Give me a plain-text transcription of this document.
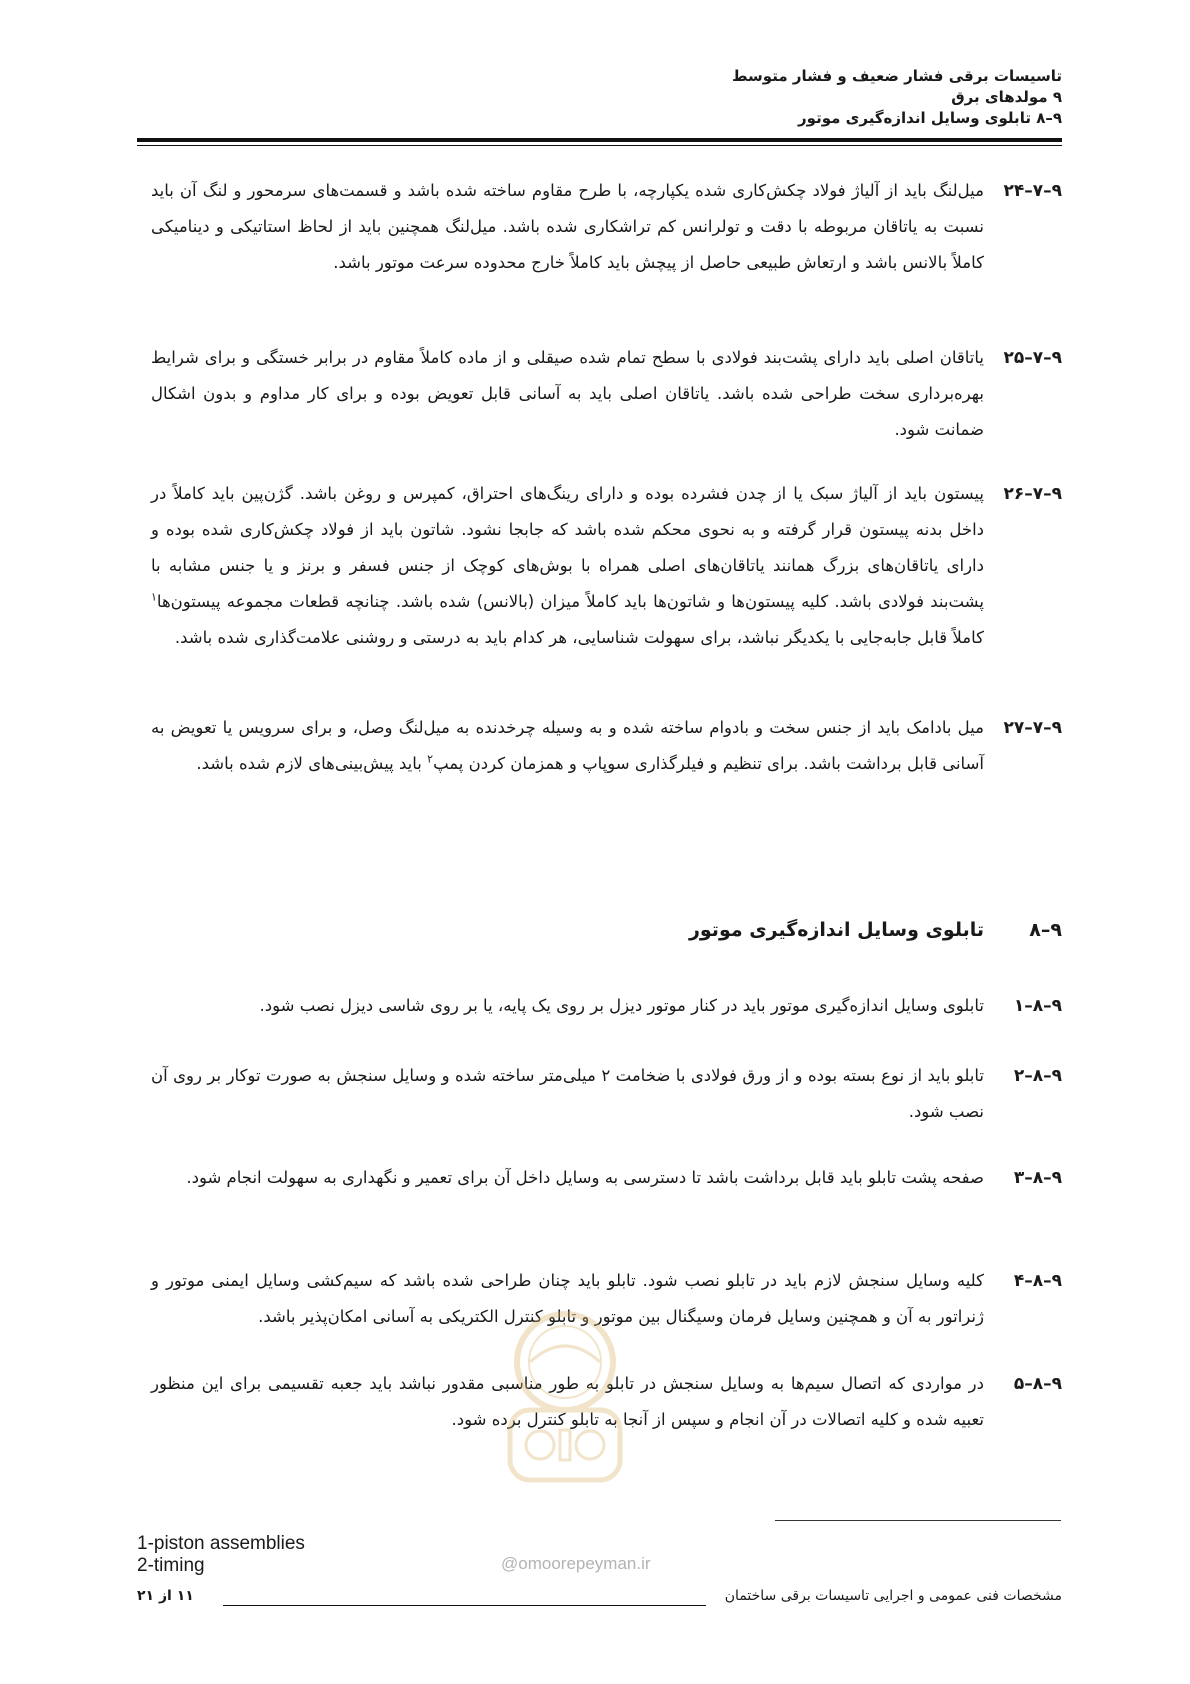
تاسیسات برقی فشار ضعیف و فشار متوسط
۹ مولدهای برق
۹–۸ تابلوی وسایل اندازه‌گیری موتور
۹–۷–۲۴
میل‌لنگ باید از آلیاژ فولاد چکش‌کاری شده یکپارچه، با طرح مقاوم ساخته شده باشد و قسمت‌های سرمحور و لنگ آن باید نسبت به یاتاقان مربوطه با دقت و تولرانس کم تراشکاری شده باشد. میل‌لنگ همچنین باید از لحاظ استاتیکی و دینامیکی کاملاً بالانس باشد و ارتعاش طبیعی حاصل از پیچش باید کاملاً خارج محدوده سرعت موتور باشد.
۹–۷–۲۵
یاتاقان اصلی باید دارای پشت‌بند فولادی با سطح تمام شده صیقلی و از ماده کاملاً مقاوم در برابر خستگی و برای شرایط بهره‌برداری سخت طراحی شده باشد. یاتاقان اصلی باید به آسانی قابل تعویض بوده و برای کار مداوم و بدون اشکال ضمانت شود.
۹–۷–۲۶
پیستون باید از آلیاژ سبک یا از چدن فشرده بوده و دارای رینگ‌های احتراق، کمپرس و روغن باشد. گژن‌پین باید کاملاً در داخل بدنه پیستون قرار گرفته و به نحوی محکم شده باشد که جابجا نشود. شاتون باید از فولاد چکش‌کاری شده بوده و دارای یاتاقان‌های بزرگ همانند یاتاقان‌های اصلی همراه با بوش‌های کوچک از جنس فسفر و برنز و یا جنس مشابه با پشت‌بند فولادی باشد. کلیه پیستون‌ها و شاتون‌ها باید کاملاً میزان (بالانس) شده باشد. چنانچه قطعات مجموعه پیستون‌ها$^۱$ کاملاً قابل جابه‌جایی با یکدیگر نباشد، برای سهولت شناسایی، هر کدام باید به درستی و روشنی علامت‌گذاری شده باشد.
۹–۷–۲۷
میل بادامک باید از جنس سخت و بادوام ساخته شده و به وسیله چرخدنده به میل‌لنگ وصل، و برای سرویس یا تعویض به آسانی قابل برداشت باشد. برای تنظیم و فیلرگذاری سوپاپ و همزمان کردن پمپ$^۲$ باید پیش‌بینی‌های لازم شده باشد.
۹–۸
تابلوی وسایل اندازه‌گیری موتور
۹–۸–۱
تابلوی وسایل اندازه‌گیری موتور باید در کنار موتور دیزل بر روی یک پایه، یا بر روی شاسی دیزل نصب شود.
۹–۸–۲
تابلو باید از نوع بسته بوده و از ورق فولادی با ضخامت ۲ میلی‌متر ساخته شده و وسایل سنجش به صورت توکار بر روی آن نصب شود.
۹–۸–۳
صفحه پشت تابلو باید قابل برداشت باشد تا دسترسی به وسایل داخل آن برای تعمیر و نگهداری به سهولت انجام شود.
۹–۸–۴
کلیه وسایل سنجش لازم باید در تابلو نصب شود. تابلو باید چنان طراحی شده باشد که سیم‌کشی وسایل ایمنی موتور و ژنراتور به آن و همچنین وسایل فرمان وسیگنال بین موتور و تابلو کنترل الکتریکی به آسانی امکان‌پذیر باشد.
۹–۸–۵
در مواردی که اتصال سیم‌ها به وسایل سنجش در تابلو به طور مناسبی مقدور نباشد باید جعبه تقسیمی برای این منظور تعبیه شده و کلیه اتصالات در آن انجام و سپس از آنجا به تابلو کنترل برده شود.
1-piston assemblies
2-timing	@omoorepeyman.ir
مشخصات فنی عمومی و اجرایی تاسیسات برقی ساختمان
۱۱ از ۲۱
